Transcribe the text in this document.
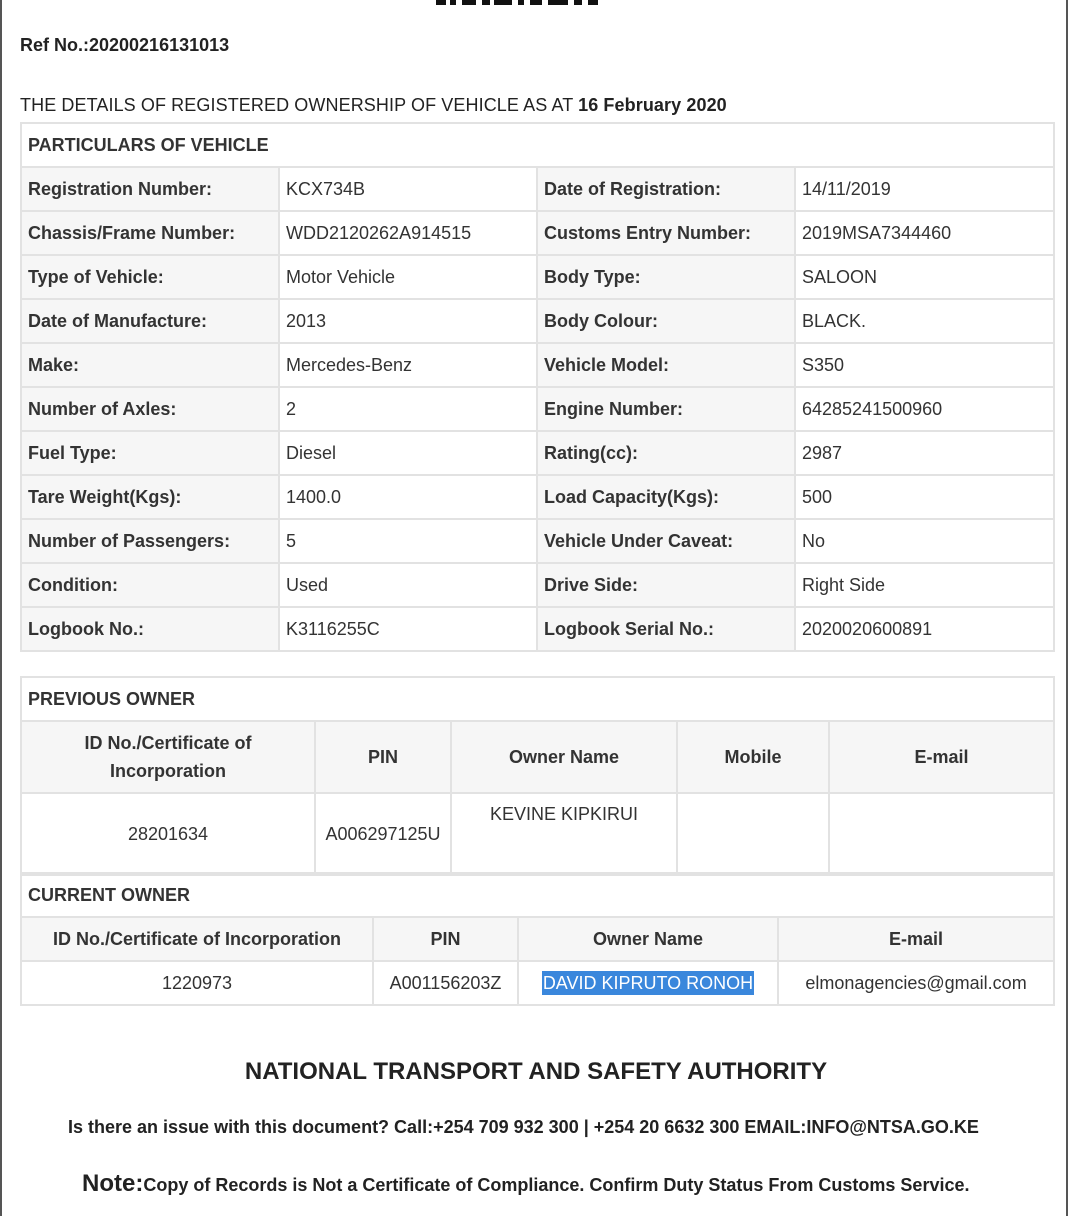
Ref No.:20200216131013
THE DETAILS OF REGISTERED OWNERSHIP OF VEHICLE AS AT 16 February 2020
PARTICULARS OF VEHICLE			
Registration Number:	KCX734B	Date of Registration:	14/11/2019
Chassis/Frame Number:	WDD2120262A914515	Customs Entry Number:	2019MSA7344460
Type of Vehicle:	Motor Vehicle	Body Type:	SALOON
Date of Manufacture:	2013	Body Colour:	BLACK.
Make:	Mercedes-Benz	Vehicle Model:	S350
Number of Axles:	2	Engine Number:	64285241500960
Fuel Type:	Diesel	Rating(cc):	2987
Tare Weight(Kgs):	1400.0	Load Capacity(Kgs):	500
Number of Passengers:	5	Vehicle Under Caveat:	No
Condition:	Used	Drive Side:	Right Side
Logbook No.:	K3116255C	Logbook Serial No.:	2020020600891
PREVIOUS OWNER				
ID No./Certificate of Incorporation	PIN	Owner Name	Mobile	E-mail
28201634	A006297125U	KEVINE KIPKIRUI		
CURRENT OWNER			
ID No./Certificate of Incorporation	PIN	Owner Name	E-mail
1220973	A001156203Z	DAVID KIPRUTO RONOH	elmonagencies@gmail.com
NATIONAL TRANSPORT AND SAFETY AUTHORITY
Is there an issue with this document? Call:+254 709 932 300 | +254 20 6632 300 EMAIL:INFO@NTSA.GO.KE
Note:Copy of Records is Not a Certificate of Compliance. Confirm Duty Status From Customs Service.
